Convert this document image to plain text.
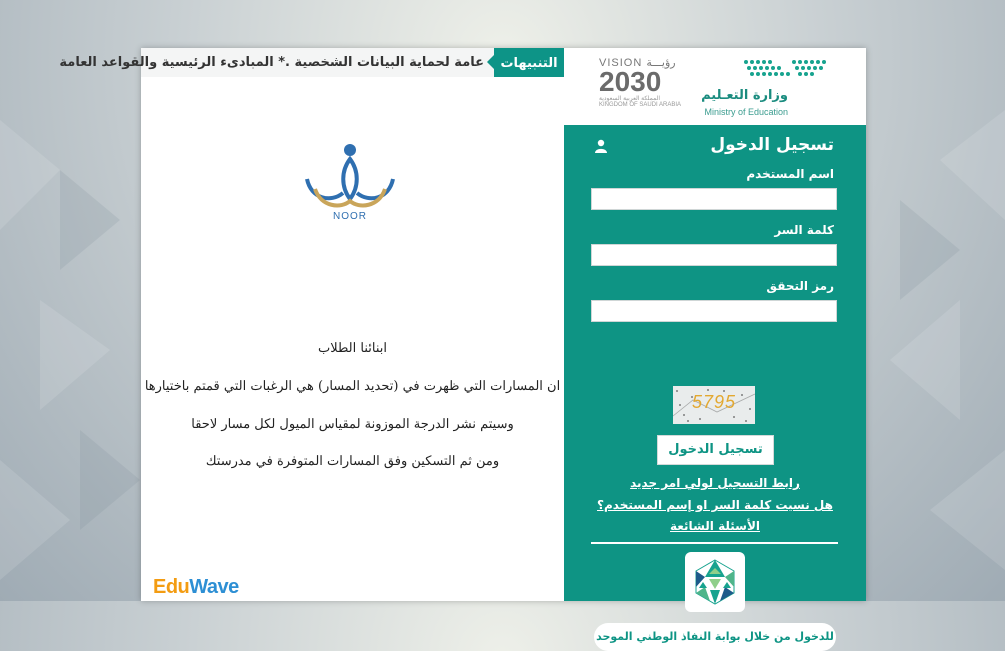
عامة لحماية البيانات الشخصية .* المبادىء الرئيسية والقواعد العامة	التنبيهات
NOOR
ابنائنا الطلاب
ان المسارات التي ظهرت في (تحديد المسار) هي الرغبات التي قمتم باختيارها
وسيتم نشر الدرجة الموزونة لمقياس الميول لكل مسار لاحقا
ومن ثم التسكين وفق المسارات المتوفرة في مدرستك
EduWave
VISION رؤيـــة
2030
المملكة العربية السعودية
KINGDOM OF SAUDI ARABIA
وزارة التعـليم
Ministry of Education
تسجيل الدخول
اسم المستخدم
كلمة السر
رمز التحقق
5795
تسجيل الدخول
رابط التسجيل لولي امر جديد
هل نسيت كلمة السر او إسم المستخدم؟
الأسئلة الشائعة
للدخول من خلال بوابة النفاذ الوطني الموحد
